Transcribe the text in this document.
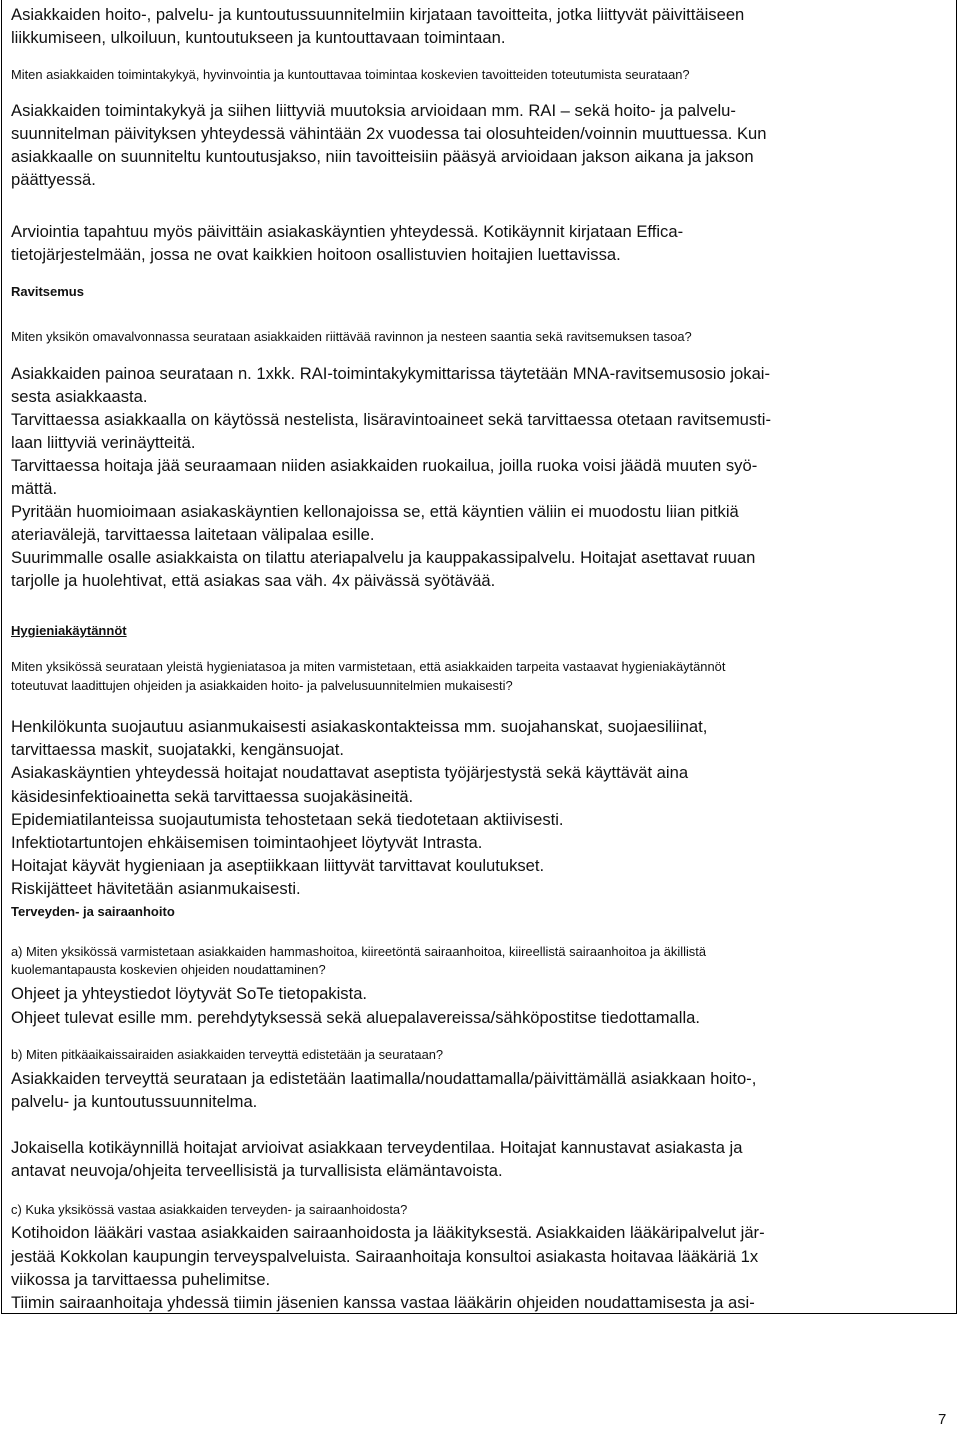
Asiakkaiden hoito-, palvelu- ja kuntoutussuunnitelmiin kirjataan tavoitteita, jotka liittyvät päivittäiseen
liikkumiseen, ulkoiluun, kuntoutukseen ja kuntouttavaan toimintaan.
Miten asiakkaiden toimintakykyä, hyvinvointia ja kuntouttavaa toimintaa koskevien tavoitteiden toteutumista seurataan?
Asiakkaiden toimintakykyä ja siihen liittyviä muutoksia arvioidaan mm. RAI – sekä hoito- ja palvelu-
suunnitelman päivityksen yhteydessä vähintään 2x vuodessa tai olosuhteiden/voinnin muuttuessa. Kun
asiakkaalle on suunniteltu kuntoutusjakso, niin tavoitteisiin pääsyä arvioidaan jakson aikana ja jakson
päättyessä.
Arviointia tapahtuu myös päivittäin asiakaskäyntien yhteydessä. Kotikäynnit kirjataan Effica-
tietojärjestelmään, jossa ne ovat kaikkien hoitoon osallistuvien hoitajien luettavissa.
Ravitsemus
Miten yksikön omavalvonnassa seurataan asiakkaiden riittävää ravinnon ja nesteen saantia sekä ravitsemuksen tasoa?
Asiakkaiden painoa seurataan n. 1xkk. RAI-toimintakykymittarissa täytetään MNA-ravitsemusosio jokai-
sesta asiakkaasta.
Tarvittaessa asiakkaalla on käytössä nestelista, lisäravintoaineet sekä tarvittaessa otetaan ravitsemusti-
laan liittyviä verinäytteitä.
Tarvittaessa hoitaja jää seuraamaan niiden asiakkaiden ruokailua, joilla ruoka voisi jäädä muuten syö-
mättä.
Pyritään huomioimaan asiakaskäyntien kellonajoissa se, että käyntien väliin ei muodostu liian pitkiä
ateriavälejä, tarvittaessa laitetaan välipalaa esille.
Suurimmalle osalle asiakkaista on tilattu ateriapalvelu ja kauppakassipalvelu. Hoitajat asettavat ruuan
tarjolle ja huolehtivat, että asiakas saa väh. 4x päivässä syötävää.
Hygieniakäytännöt
Miten yksikössä seurataan yleistä hygieniatasoa ja miten varmistetaan, että asiakkaiden tarpeita vastaavat hygieniakäytännöt
toteutuvat laadittujen ohjeiden ja asiakkaiden hoito- ja palvelusuunnitelmien mukaisesti?
Henkilökunta suojautuu asianmukaisesti asiakaskontakteissa mm. suojahanskat, suojaesiliinat,
tarvittaessa maskit, suojatakki, kengänsuojat.
Asiakaskäyntien yhteydessä hoitajat noudattavat aseptista työjärjestystä sekä käyttävät aina
käsidesinfektioainetta sekä tarvittaessa suojakäsineitä.
Epidemiatilanteissa suojautumista tehostetaan sekä tiedotetaan aktiivisesti.
Infektiotartuntojen ehkäisemisen toimintaohjeet löytyvät Intrasta.
Hoitajat käyvät hygieniaan ja aseptiikkaan liittyvät tarvittavat koulutukset.
Riskijätteet hävitetään asianmukaisesti.
Terveyden- ja sairaanhoito
a) Miten yksikössä varmistetaan asiakkaiden hammashoitoa, kiireetöntä sairaanhoitoa, kiireellistä sairaanhoitoa ja äkillistä
kuolemantapausta koskevien ohjeiden noudattaminen?
Ohjeet ja yhteystiedot löytyvät SoTe tietopakista.
Ohjeet tulevat esille mm. perehdytyksessä sekä aluepalavereissa/sähköpostitse tiedottamalla.
b) Miten pitkäaikaissairaiden asiakkaiden terveyttä edistetään ja seurataan?
Asiakkaiden terveyttä seurataan ja edistetään laatimalla/noudattamalla/päivittämällä asiakkaan hoito-,
palvelu- ja kuntoutussuunnitelma.
Jokaisella kotikäynnillä hoitajat arvioivat asiakkaan terveydentilaa. Hoitajat kannustavat asiakasta ja
antavat neuvoja/ohjeita terveellisistä ja turvallisista elämäntavoista.
c) Kuka yksikössä vastaa asiakkaiden terveyden- ja sairaanhoidosta?
Kotihoidon lääkäri vastaa asiakkaiden sairaanhoidosta ja lääkityksestä. Asiakkaiden lääkäripalvelut jär-
jestää Kokkolan kaupungin terveyspalveluista. Sairaanhoitaja konsultoi asiakasta hoitavaa lääkäriä 1x
viikossa ja tarvittaessa puhelimitse.
Tiimin sairaanhoitaja yhdessä tiimin jäsenien kanssa vastaa lääkärin ohjeiden noudattamisesta ja asi-
7
